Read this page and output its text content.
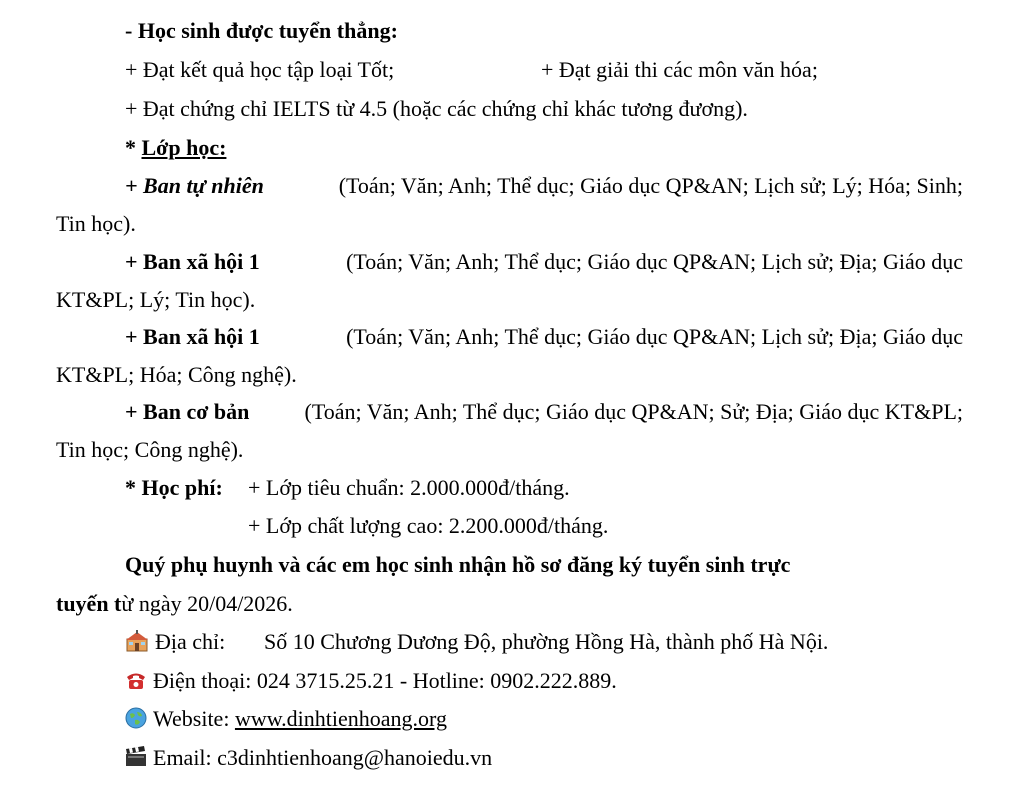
- Học sinh được tuyển thẳng:
+ Đạt kết quả học tập loại Tốt;	+ Đạt giải thi các môn văn hóa;
+ Đạt chứng chỉ IELTS từ 4.5 (hoặc các chứng chỉ khác tương đương).
* Lớp học:
+ Ban tự nhiên	(Toán; Văn; Anh; Thể dục; Giáo dục QP&AN; Lịch sử; Lý; Hóa; Sinh;
Tin học).
+ Ban xã hội 1	(Toán; Văn; Anh; Thể dục; Giáo dục QP&AN; Lịch sử; Địa; Giáo dục
KT&PL; Lý; Tin học).
+ Ban xã hội 1	(Toán; Văn; Anh; Thể dục; Giáo dục QP&AN; Lịch sử; Địa; Giáo dục
KT&PL; Hóa; Công nghệ).
+ Ban cơ bản	(Toán; Văn; Anh; Thể dục; Giáo dục QP&AN; Sử; Địa; Giáo dục KT&PL;
Tin học; Công nghệ).
* Học phí: + Lớp tiêu chuẩn: 2.000.000đ/tháng.
+ Lớp chất lượng cao: 2.200.000đ/tháng.
Quý phụ huynh và các em học sinh nhận hồ sơ đăng ký tuyển sinh trực
tuyến từ ngày 20/04/2026.
Địa chỉ: Số 10 Chương Dương Độ, phường Hồng Hà, thành phố Hà Nội.
Điện thoại: 024 3715.25.21 - Hotline: 0902.222.889.
Website: www.dinhtienhoang.org
Email: c3dinhtienhoang@hanoiedu.vn
